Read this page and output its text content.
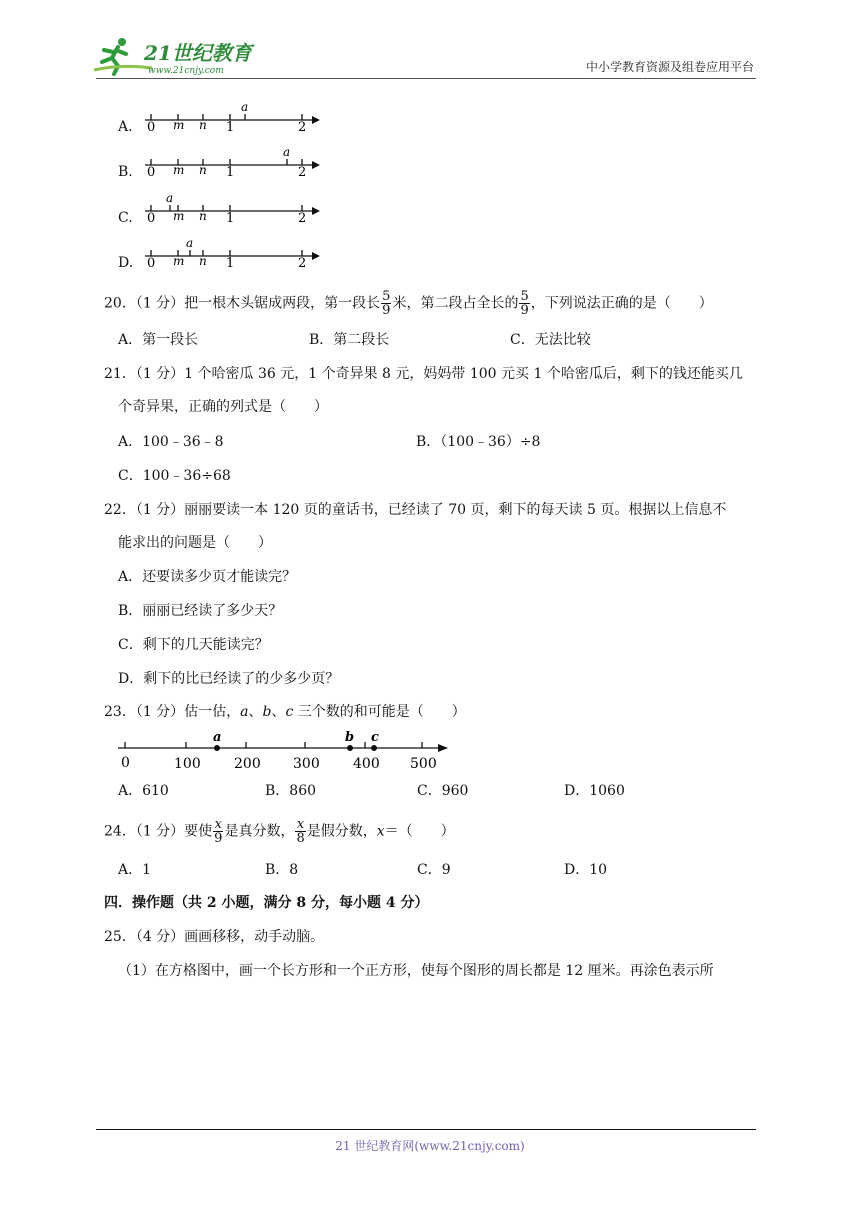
21世纪教育
www.21cnjy.com	中小学教育资源及组卷应用平台
A. 0 m n 1	2
a
B. 0 m n 1	2
a
C. 0 m n 1	2
a
D. 0 m n 1	2
a
20．（1 分）把一根木头锯成两段，第一段长 $\frac{5}{9}$ 米，第二段占全长的 $\frac{5}{9}$ ，下列说法正确的是（　　）
A．第一段长	B．第二段长	C．无法比较
21．（1 分）1 个哈密瓜 36 元，1 个奇异果 8 元，妈妈带 100 元买 1 个哈密瓜后，剩下的钱还能买几
个奇异果，正确的列式是（　　）
A．100﹣36﹣8	B．（100﹣36）÷8
C．100﹣36÷68
22．（1 分）丽丽要读一本 120 页的童话书，已经读了 70 页，剩下的每天读 5 页。根据以上信息不
能求出的问题是（　　）
A．还要读多少页才能读完？
B．丽丽已经读了多少天？
C．剩下的几天能读完？
D．剩下的比已经读了的少多少页？
23．（1 分）估一估，a、b、c 三个数的和可能是（　　）
a	b c
0	100 200 300 400 500
A．610	B．860	C．960	D．1060
24．（1 分）要使 $\frac{x}{9}$ 是真分数， $\frac{x}{8}$ 是假分数，x＝（　　）
A．1	B．8	C．9	D．10
四．操作题（共 2 小题，满分 8 分，每小题 4 分）
25．（4 分）画画移移，动手动脑。
（1）在方格图中，画一个长方形和一个正方形，使每个图形的周长都是 12 厘米。再涂色表示所
21 世纪教育网(www.21cnjy.com)
